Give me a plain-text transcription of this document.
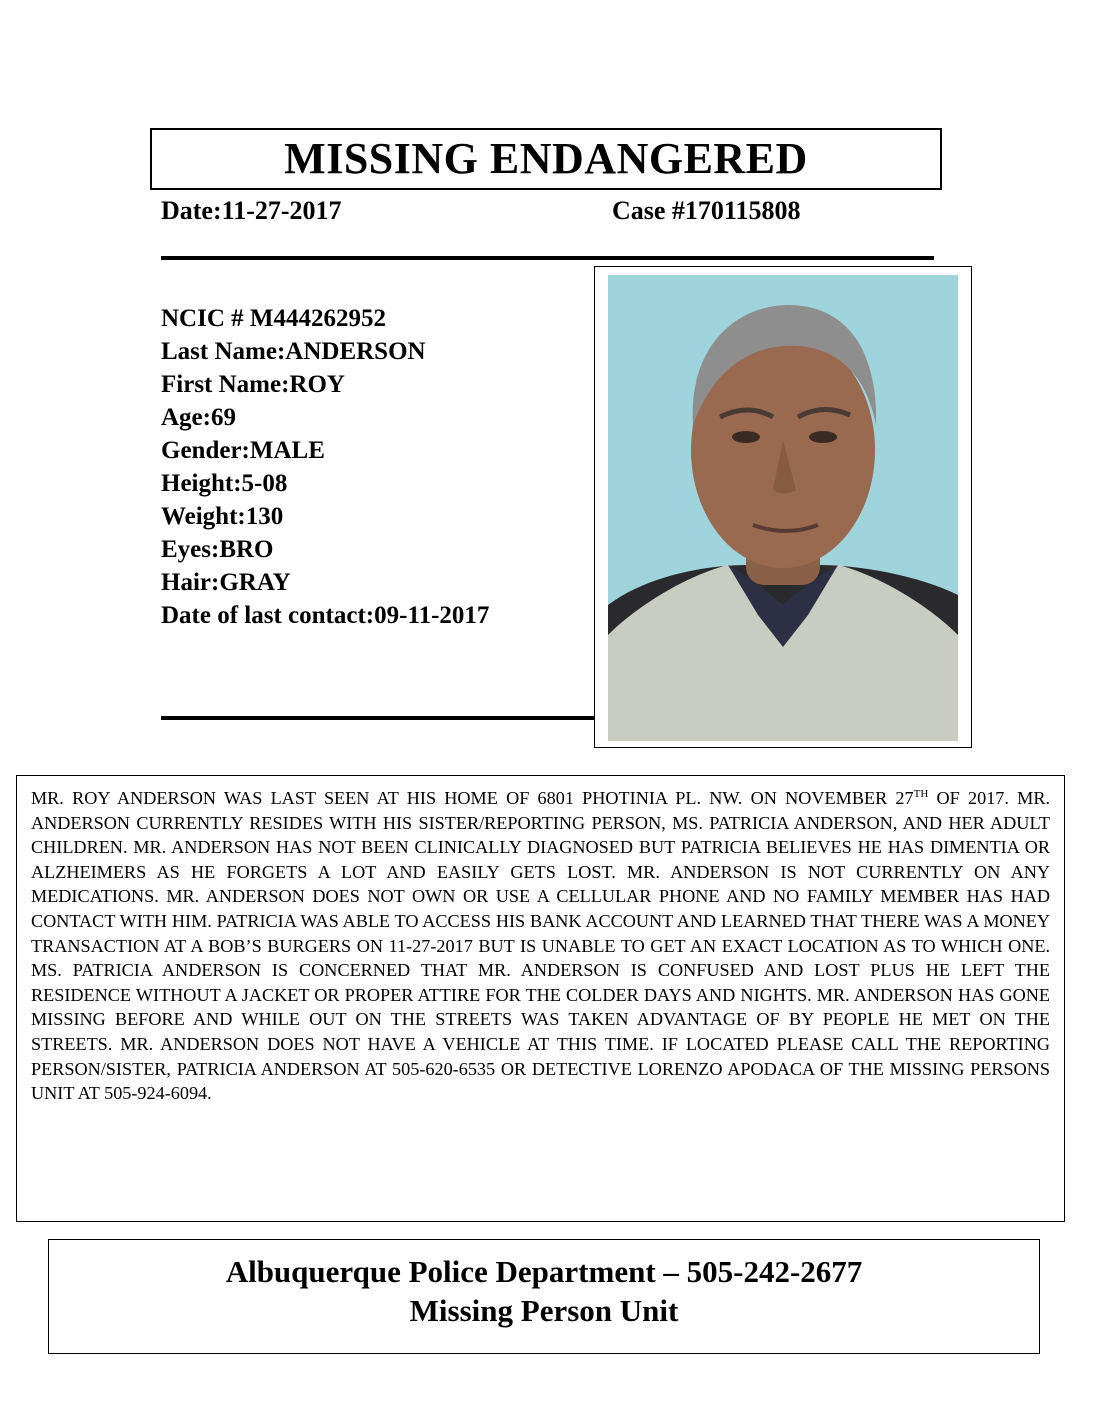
MISSING ENDANGERED
Date:11-27-2017	Case #170115808
NCIC # M444262952
Last Name:ANDERSON
First Name:ROY
Age:69
Gender:MALE
Height:5-08
Weight:130
Eyes:BRO
Hair:GRAY
Date of last contact:09-11-2017

MR. ROY ANDERSON WAS LAST SEEN AT HIS HOME OF 6801 PHOTINIA PL. NW. ON NOVEMBER 27TH OF 2017. MR. ANDERSON CURRENTLY RESIDES WITH HIS SISTER/REPORTING PERSON, MS. PATRICIA ANDERSON, AND HER ADULT CHILDREN. MR. ANDERSON HAS NOT BEEN CLINICALLY DIAGNOSED BUT PATRICIA BELIEVES HE HAS DIMENTIA OR ALZHEIMERS AS HE FORGETS A LOT AND EASILY GETS LOST. MR. ANDERSON IS NOT CURRENTLY ON ANY MEDICATIONS. MR. ANDERSON DOES NOT OWN OR USE A CELLULAR PHONE AND NO FAMILY MEMBER HAS HAD CONTACT WITH HIM. PATRICIA WAS ABLE TO ACCESS HIS BANK ACCOUNT AND LEARNED THAT THERE WAS A MONEY TRANSACTION AT A BOB’S BURGERS ON 11-27-2017 BUT IS UNABLE TO GET AN EXACT LOCATION AS TO WHICH ONE. MS. PATRICIA ANDERSON IS CONCERNED THAT MR. ANDERSON IS CONFUSED AND LOST PLUS HE LEFT THE RESIDENCE WITHOUT A JACKET OR PROPER ATTIRE FOR THE COLDER DAYS AND NIGHTS. MR. ANDERSON HAS GONE MISSING BEFORE AND WHILE OUT ON THE STREETS WAS TAKEN ADVANTAGE OF BY PEOPLE HE MET ON THE STREETS. MR. ANDERSON DOES NOT HAVE A VEHICLE AT THIS TIME. IF LOCATED PLEASE CALL THE REPORTING PERSON/SISTER, PATRICIA ANDERSON AT 505-620-6535 OR DETECTIVE LORENZO APODACA OF THE MISSING PERSONS UNIT AT 505-924-6094.

Albuquerque Police Department – 505-242-2677
Missing Person Unit
